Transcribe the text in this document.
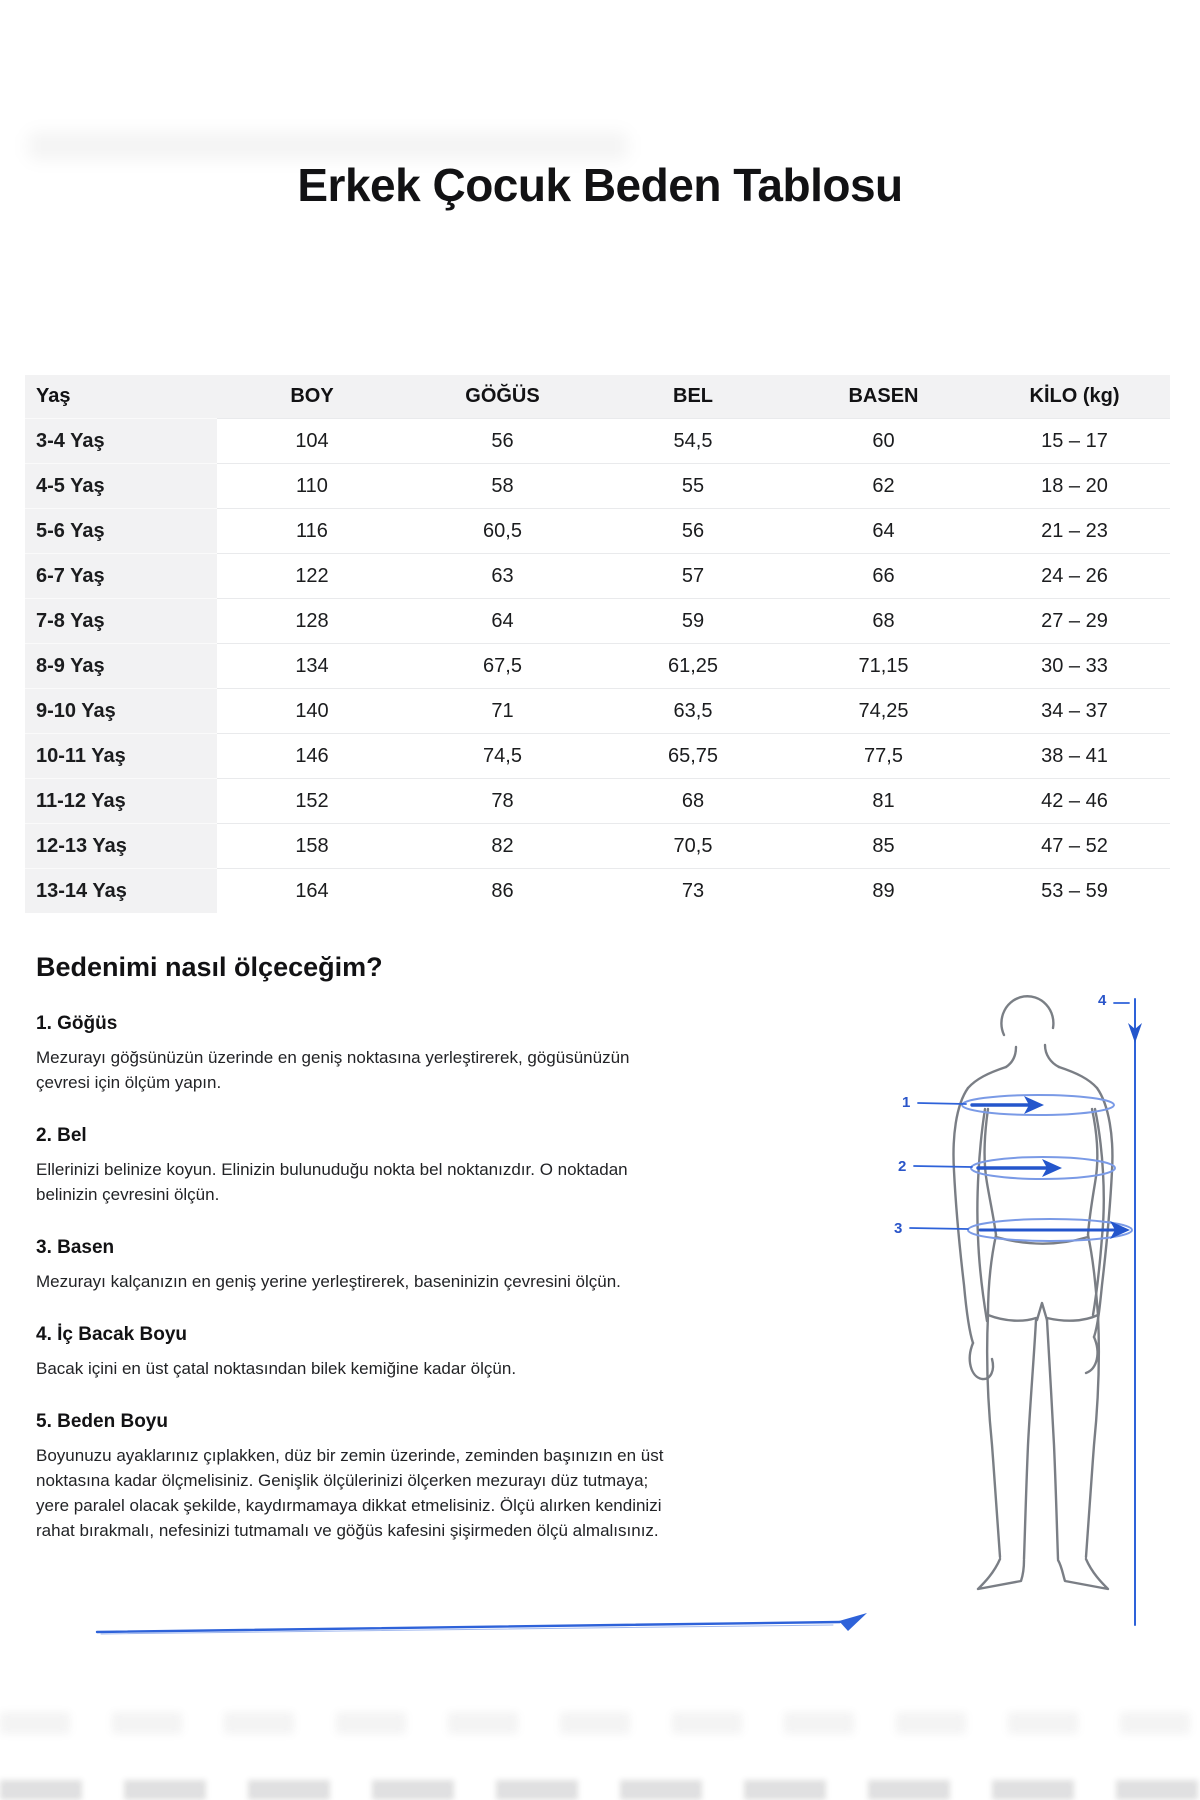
Erkek Çocuk Beden Tablosu
Yaş	BOY	GÖĞÜS	BEL	BASEN	KİLO (kg)
3-4 Yaş	104	56	54,5	60	15 – 17
4-5 Yaş	110	58	55	62	18 – 20
5-6 Yaş	116	60,5	56	64	21 – 23
6-7 Yaş	122	63	57	66	24 – 26
7-8 Yaş	128	64	59	68	27 – 29
8-9 Yaş	134	67,5	61,25	71,15	30 – 33
9-10 Yaş	140	71	63,5	74,25	34 – 37
10-11 Yaş	146	74,5	65,75	77,5	38 – 41
11-12 Yaş	152	78	68	81	42 – 46
12-13 Yaş	158	82	70,5	85	47 – 52
13-14 Yaş	164	86	73	89	53 – 59
Bedenimi nasıl ölçeceğim?
1. Göğüs

Mezurayı göğsünüzün üzerinde en geniş noktasına yerleştirerek, gögüsünüzün çevresi için ölçüm yapın.

2. Bel

Ellerinizi belinize koyun. Elinizin bulunuduğu nokta bel noktanızdır. O noktadan belinizin çevresini ölçün.

3. Basen

Mezurayı kalçanızın en geniş yerine yerleştirerek, baseninizin çevresini ölçün.

4. İç Bacak Boyu

Bacak içini en üst çatal noktasından bilek kemiğine kadar ölçün.

5. Beden Boyu

Boyunuzu ayaklarınız çıplakken, düz bir zemin üzerinde, zeminden başınızın en üst noktasına kadar ölçmelisiniz. Genişlik ölçülerinizi ölçerken mezurayı düz tutmaya; yere paralel olacak şekilde, kaydırmamaya dikkat etmelisiniz. Ölçü alırken kendinizi rahat bırakmalı, nefesinizi tutmamalı ve göğüs kafesini şişirmeden ölçü almalısınız.

1
2
3
4
